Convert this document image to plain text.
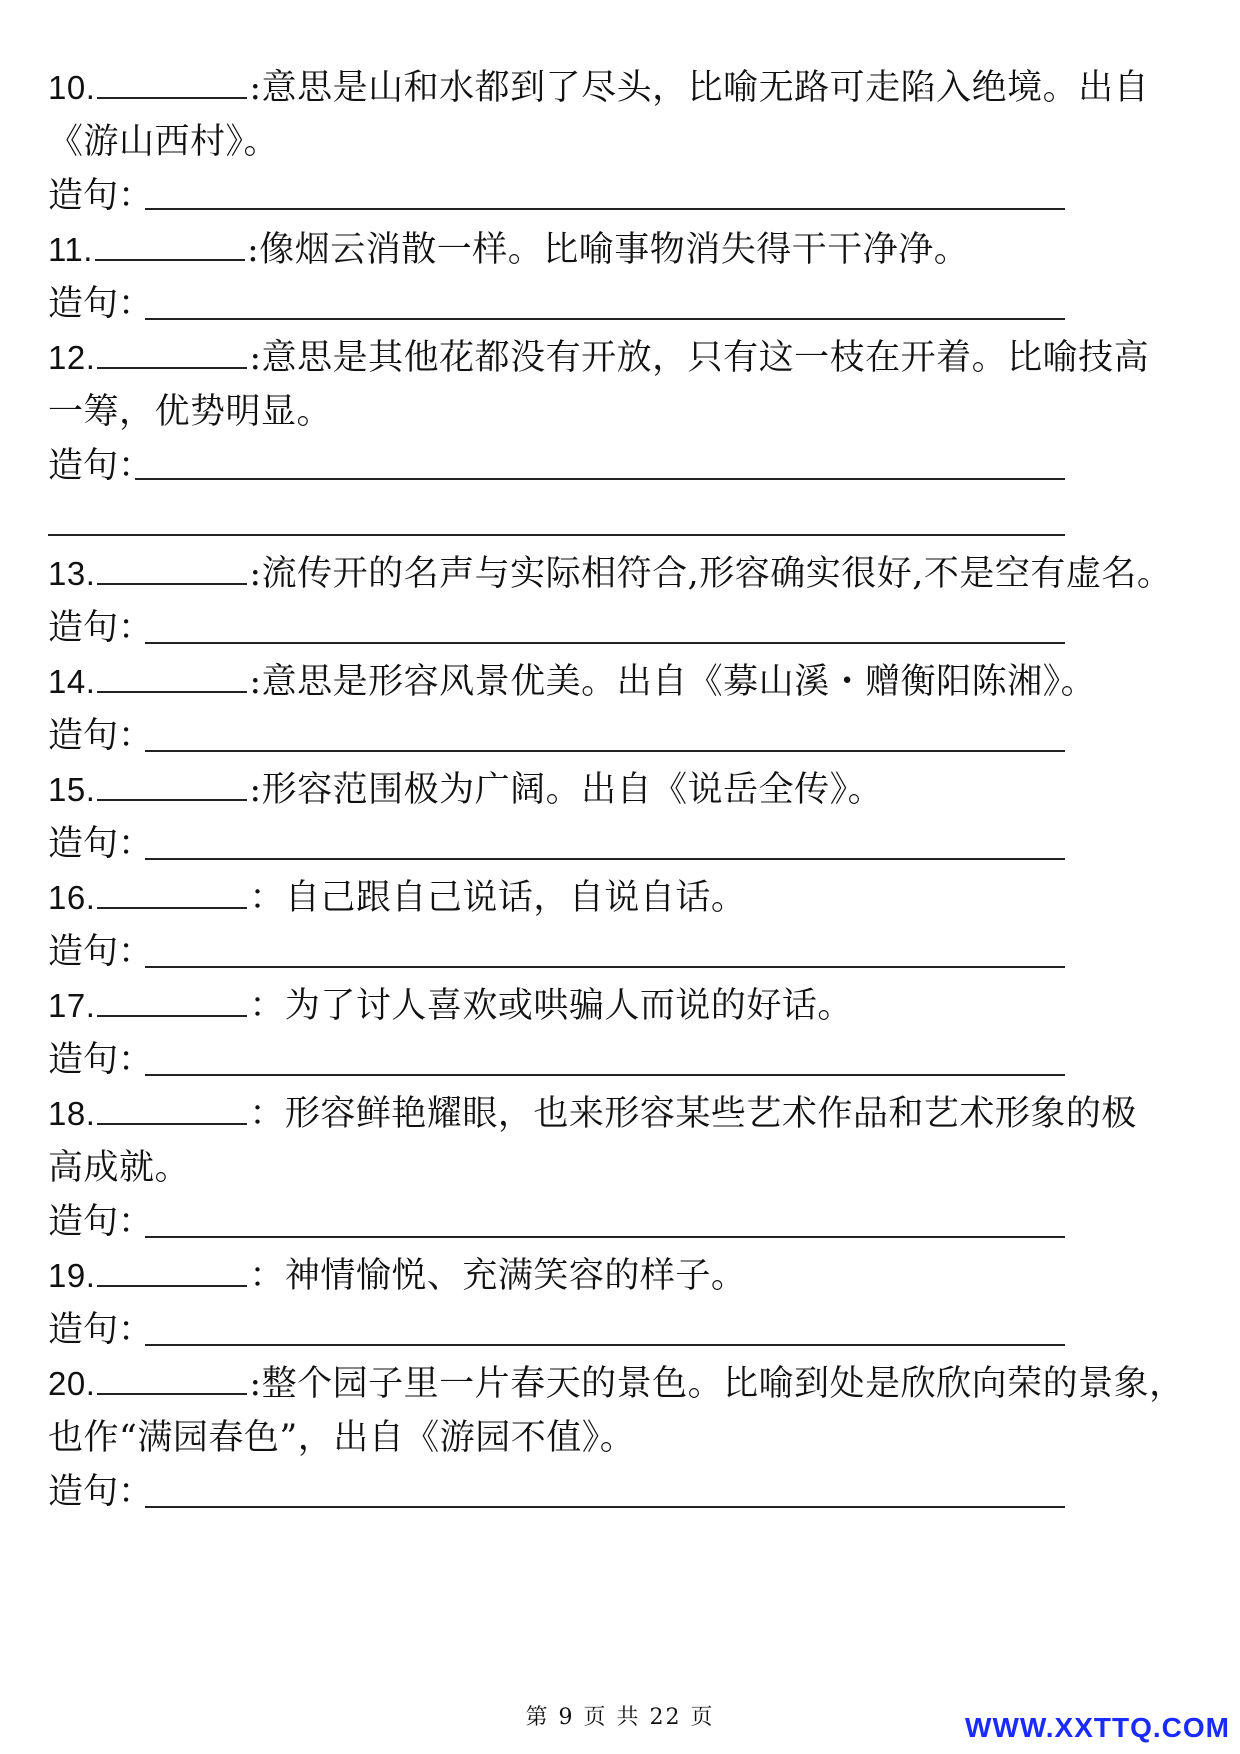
10.	:意思是山和水都到了尽头，比喻无路可走陷入绝境。出自
《游山西村》。
造句：
11.	:像烟云消散一样。比喻事物消失得干干净净。
造句：
12.	:意思是其他花都没有开放，只有这一枝在开着。比喻技高
一筹，优势明显。
造句：
13.	:流传开的名声与实际相符合,形容确实很好,不是空有虚名。
造句：
14.	:意思是形容风景优美。出自《募山溪・赠衡阳陈湘》。
造句：
15.	:形容范围极为广阔。出自《说岳全传》。
造句：
16.	：自己跟自己说话，自说自话。
造句：
17.	：为了讨人喜欢或哄骗人而说的好话。
造句：
18.	：形容鲜艳耀眼，也来形容某些艺术作品和艺术形象的极
高成就。
造句：
19.	：神情愉悦、充满笑容的样子。
造句：
20.	:整个园子里一片春天的景色。比喻到处是欣欣向荣的景象，
也作“满园春色”，出自《游园不值》。
造句：
第 9 页 共 22 页	WWW.XXTTQ.COM
